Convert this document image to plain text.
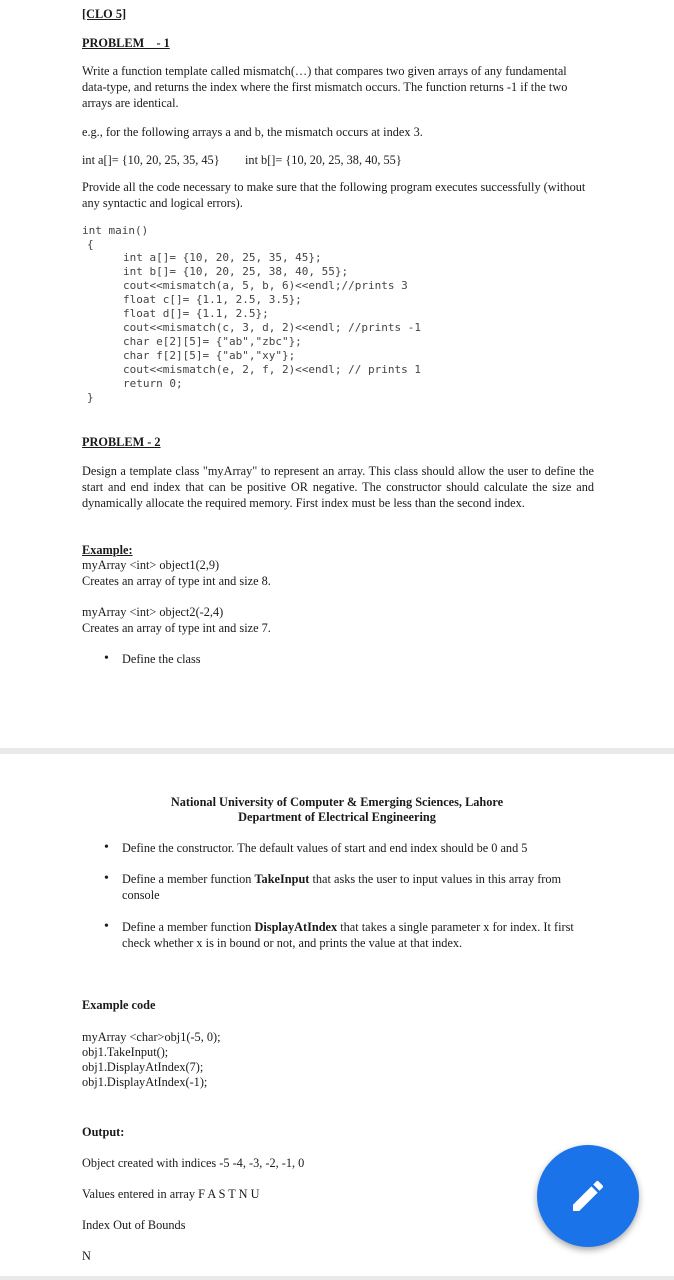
[CLO 5]
PROBLEM    - 1
Write a function template called mismatch(…) that compares two given arrays of any fundamental data-type, and returns the index where the first mismatch occurs. The function returns -1 if the two arrays are identical.
e.g., for the following arrays a and b, the mismatch occurs at index 3.
int a[]= {10, 20, 25, 35, 45} int b[]= {10, 20, 25, 38, 40, 55}
Provide all the code necessary to make sure that the following program executes successfully (without any syntactic and logical errors).
int main()
{
int a[]= {10, 20, 25, 35, 45};
int b[]= {10, 20, 25, 38, 40, 55};
cout<<mismatch(a, 5, b, 6)<<endl;//prints 3
float c[]= {1.1, 2.5, 3.5};
float d[]= {1.1, 2.5};
cout<<mismatch(c, 3, d, 2)<<endl; //prints -1
char e[2][5]= {"ab","zbc"};
char f[2][5]= {"ab","xy"};
cout<<mismatch(e, 2, f, 2)<<endl; // prints 1
return 0;
}
PROBLEM - 2
Design a template class "myArray" to represent an array. This class should allow the user to define the start and end index that can be positive OR negative. The constructor should calculate the size and dynamically allocate the required memory. First index must be less than the second index.
Example:
myArray <int> object1(2,9)
Creates an array of type int and size 8.
myArray <int> object2(-2,4)
Creates an array of type int and size 7.
• Define the class
National University of Computer & Emerging Sciences, Lahore
Department of Electrical Engineering
• Define the constructor. The default values of start and end index should be 0 and 5
• Define a member function TakeInput that asks the user to input values in this array from console
• Define a member function DisplayAtIndex that takes a single parameter x for index. It first check whether x is in bound or not, and prints the value at that index.
Example code
myArray <char>obj1(-5, 0);
obj1.TakeInput();
obj1.DisplayAtIndex(7);
obj1.DisplayAtIndex(-1);
Output:
Object created with indices -5 -4, -3, -2, -1, 0
Values entered in array F A S T N U
Index Out of Bounds
N
